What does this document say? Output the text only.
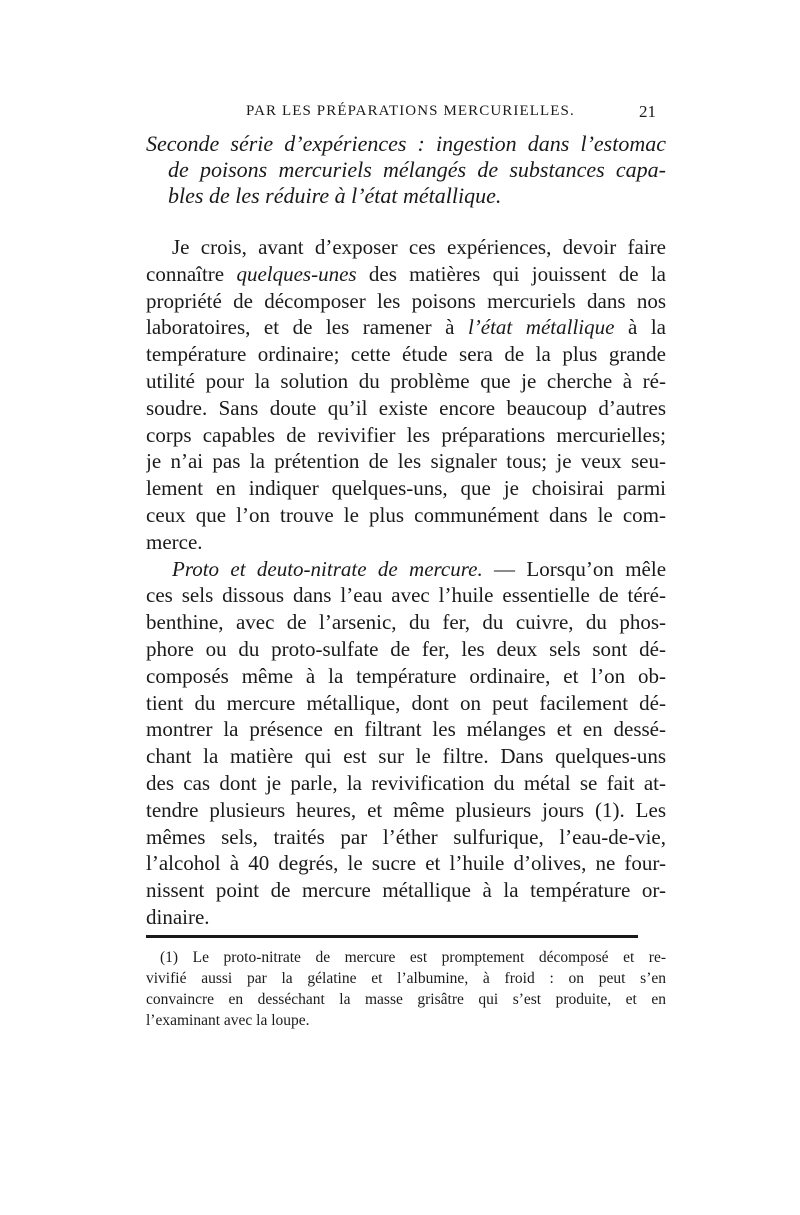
PAR LES PRÉPARATIONS MERCURIELLES.	21
Seconde série d’expériences : ingestion dans l’estomac
de poisons mercuriels mélangés de substances capa-
bles de les réduire à l’état métallique.
Je crois, avant d’exposer ces expériences, devoir faire
connaître quelques-unes des matières qui jouissent de la
propriété de décomposer les poisons mercuriels dans nos
laboratoires, et de les ramener à l’état métallique à la
température ordinaire; cette étude sera de la plus grande
utilité pour la solution du problème que je cherche à ré-
soudre. Sans doute qu’il existe encore beaucoup d’autres
corps capables de revivifier les préparations mercurielles;
je n’ai pas la prétention de les signaler tous; je veux seu-
lement en indiquer quelques-uns, que je choisirai parmi
ceux que l’on trouve le plus communément dans le com-
merce.
Proto et deuto-nitrate de mercure. — Lorsqu’on mêle
ces sels dissous dans l’eau avec l’huile essentielle de téré-
benthine, avec de l’arsenic, du fer, du cuivre, du phos-
phore ou du proto-sulfate de fer, les deux sels sont dé-
composés même à la température ordinaire, et l’on ob-
tient du mercure métallique, dont on peut facilement dé-
montrer la présence en filtrant les mélanges et en dessé-
chant la matière qui est sur le filtre. Dans quelques-uns
des cas dont je parle, la revivification du métal se fait at-
tendre plusieurs heures, et même plusieurs jours (1). Les
mêmes sels, traités par l’éther sulfurique, l’eau-de-vie,
l’alcohol à 40 degrés, le sucre et l’huile d’olives, ne four-
nissent point de mercure métallique à la température or-
dinaire.
(1) Le proto-nitrate de mercure est promptement décomposé et re-
vivifié aussi par la gélatine et l’albumine, à froid : on peut s’en
convaincre en desséchant la masse grisâtre qui s’est produite, et en
l’examinant avec la loupe.
